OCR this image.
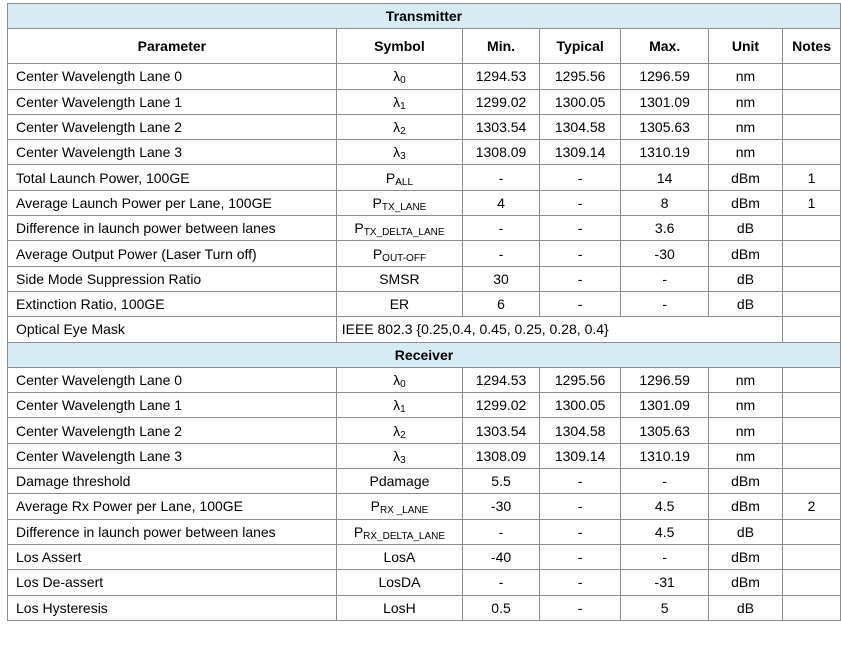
Transmitter						
Parameter	Symbol	Min.	Typical	Max.	Unit	Notes
Center Wavelength Lane 0	$\lambda_0$	1294.53	1295.56	1296.59	nm	
Center Wavelength Lane 1	$\lambda_1$	1299.02	1300.05	1301.09	nm	
Center Wavelength Lane 2	$\lambda_2$	1303.54	1304.58	1305.63	nm	
Center Wavelength Lane 3	$\lambda_3$	1308.09	1309.14	1310.19	nm	
Total Launch Power, 100GE	$P_{ALL}$	-	-	14	dBm	1
Average Launch Power per Lane, 100GE	$P_{TX\_LANE}$	4	-	8	dBm	1
Difference in launch power between lanes	$P_{TX\_DELTA\_LANE}$	-	-	3.6	dB	
Average Output Power (Laser Turn off)	$P_{OUT-OFF}$	-	-	-30	dBm	
Side Mode Suppression Ratio	SMSR	30	-	-	dB	
Extinction Ratio, 100GE	ER	6	-	-	dB	
Optical Eye Mask	IEEE 802.3 {0.25,0.4, 0.45, 0.25, 0.28, 0.4}					
Receiver						
Center Wavelength Lane 0	$\lambda_0$	1294.53	1295.56	1296.59	nm	
Center Wavelength Lane 1	$\lambda_1$	1299.02	1300.05	1301.09	nm	
Center Wavelength Lane 2	$\lambda_2$	1303.54	1304.58	1305.63	nm	
Center Wavelength Lane 3	$\lambda_3$	1308.09	1309.14	1310.19	nm	
Damage threshold	Pdamage	5.5	-	-	dBm	
Average Rx Power per Lane, 100GE	$P_{RX \_LANE}$	-30	-	4.5	dBm	2
Difference in launch power between lanes	$P_{RX\_DELTA\_LANE}$	-	-	4.5	dB	
Los Assert	LosA	-40	-	-	dBm	
Los De-assert	LosDA	-	-	-31	dBm	
Los Hysteresis	LosH	0.5	-	5	dB	
